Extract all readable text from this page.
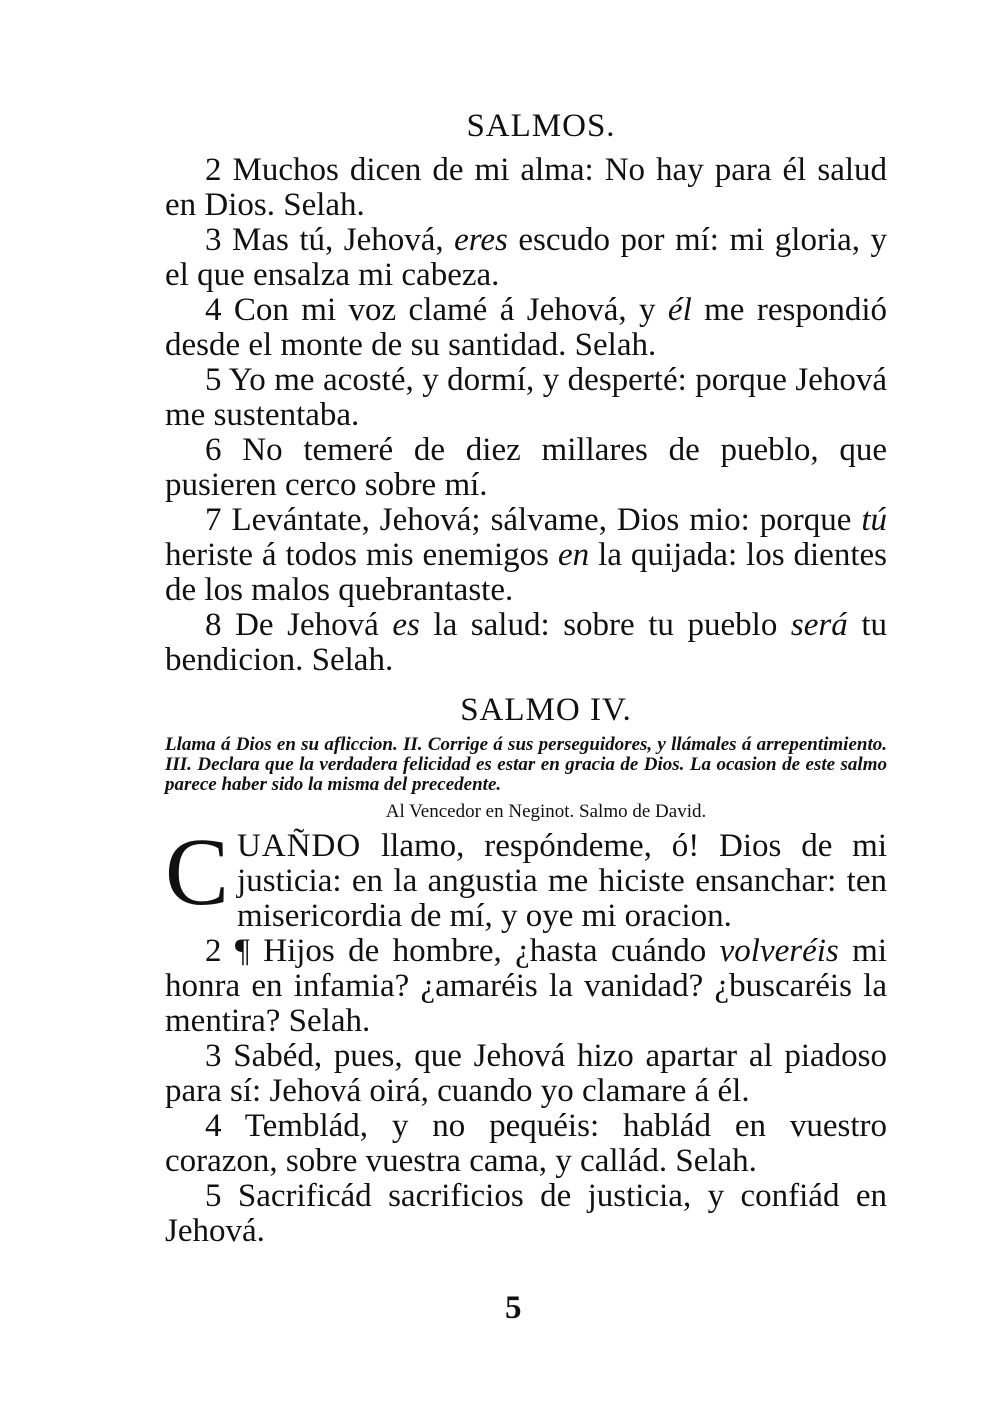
SALMOS.

2 Muchos dicen de mi alma: No hay para él salud en Dios. Selah.

3 Mas tú, Jehová, eres escudo por mí: mi gloria, y el que ensalza mi cabeza.

4 Con mi voz clamé á Jehová, y él me respondió desde el monte de su santidad. Selah.

5 Yo me acosté, y dormí, y desperté: porque Jehová me sustentaba.

6 No temeré de diez millares de pueblo, que pusieren cerco sobre mí.

7 Levántate, Jehová; sálvame, Dios mio: porque tú heriste á todos mis enemigos en la quijada: los dientes de los malos quebrantaste.

8 De Jehová es la salud: sobre tu pueblo será tu bendicion. Selah.

SALMO IV.

Llama á Dios en su afliccion. II. Corrige á sus perseguidores, y llámales á arrepentimiento. III. Declara que la verdadera felicidad es estar en gracia de Dios. La ocasion de este salmo parece haber sido la misma del precedente.

Al Vencedor en Neginot. Salmo de David.

CUAÑDO llamo, respóndeme, ó! Dios de mi justicia: en la angustia me hiciste ensanchar: ten misericordia de mí, y oye mi oracion.

2 ¶ Hijos de hombre, ¿hasta cuándo volveréis mi honra en infamia? ¿amaréis la vanidad? ¿buscaréis la mentira? Selah.

3 Sabéd, pues, que Jehová hizo apartar al piadoso para sí: Jehová oirá, cuando yo clamare á él.

4 Temblád, y no pequéis: hablád en vuestro corazon, sobre vuestra cama, y callád. Selah.

5 Sacrificád sacrificios de justicia, y confiád en Jehová.

5
